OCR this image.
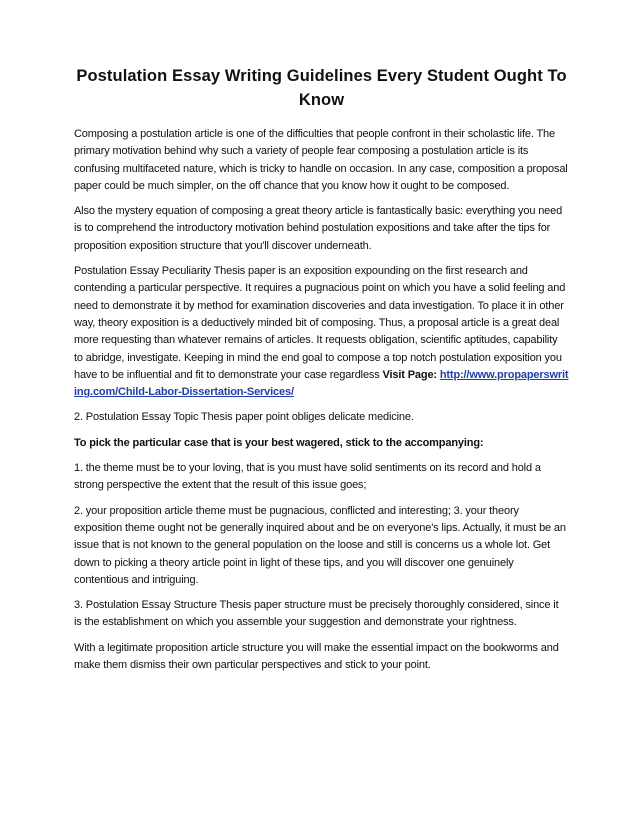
Postulation Essay Writing Guidelines Every Student Ought To Know

Composing a postulation article is one of the difficulties that people confront in their scholastic life. The primary motivation behind why such a variety of people fear composing a postulation article is its confusing multifaceted nature, which is tricky to handle on occasion. In any case, composition a proposal paper could be much simpler, on the off chance that you know how it ought to be composed.

Also the mystery equation of composing a great theory article is fantastically basic: everything you need is to comprehend the introductory motivation behind postulation expositions and take after the tips for proposition exposition structure that you'll discover underneath.

Postulation Essay Peculiarity Thesis paper is an exposition expounding on the first research and contending a particular perspective. It requires a pugnacious point on which you have a solid feeling and need to demonstrate it by method for examination discoveries and data investigation. To place it in other way, theory exposition is a deductively minded bit of composing. Thus, a proposal article is a great deal more requesting than whatever remains of articles. It requests obligation, scientific aptitudes, capability to abridge, investigate. Keeping in mind the end goal to compose a top notch postulation exposition you have to be influential and fit to demonstrate your case regardless Visit Page: http://www.propaperswriting.com/Child-Labor-Dissertation-Services/

2. Postulation Essay Topic Thesis paper point obliges delicate medicine.

To pick the particular case that is your best wagered, stick to the accompanying:

1. the theme must be to your loving, that is you must have solid sentiments on its record and hold a strong perspective the extent that the result of this issue goes;

2. your proposition article theme must be pugnacious, conflicted and interesting; 3. your theory exposition theme ought not be generally inquired about and be on everyone's lips. Actually, it must be an issue that is not known to the general population on the loose and still is concerns us a whole lot. Get down to picking a theory article point in light of these tips, and you will discover one genuinely contentious and intriguing.

3. Postulation Essay Structure Thesis paper structure must be precisely thoroughly considered, since it is the establishment on which you assemble your suggestion and demonstrate your rightness.

With a legitimate proposition article structure you will make the essential impact on the bookworms and make them dismiss their own particular perspectives and stick to your point.
